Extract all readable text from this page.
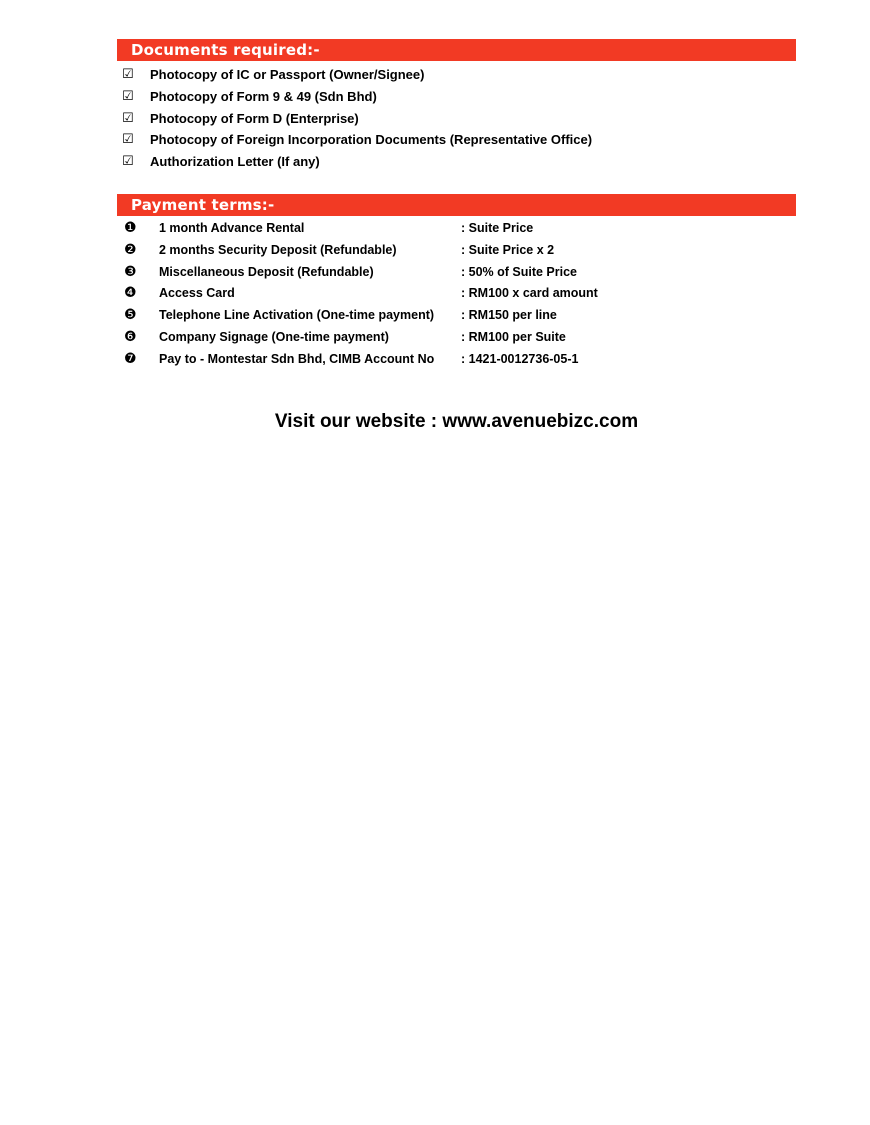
Documents required:-
☑ Photocopy of IC or Passport (Owner/Signee)
☑ Photocopy of Form 9 & 49 (Sdn Bhd)
☑ Photocopy of Form D (Enterprise)
☑ Photocopy of Foreign Incorporation Documents (Representative Office)
☑ Authorization Letter (If any)
Payment terms:-
❶ 1 month Advance Rental	: Suite Price
❷ 2 months Security Deposit (Refundable)	: Suite Price x 2
❸ Miscellaneous Deposit (Refundable)	: 50% of Suite Price
❹ Access Card	: RM100 x card amount
❺ Telephone Line Activation (One-time payment) : RM150 per line
❻ Company Signage (One-time payment)	: RM100 per Suite
❼ Pay to - Montestar Sdn Bhd, CIMB Account No : 1421-0012736-05-1
Visit our website : www.avenuebizc.com
